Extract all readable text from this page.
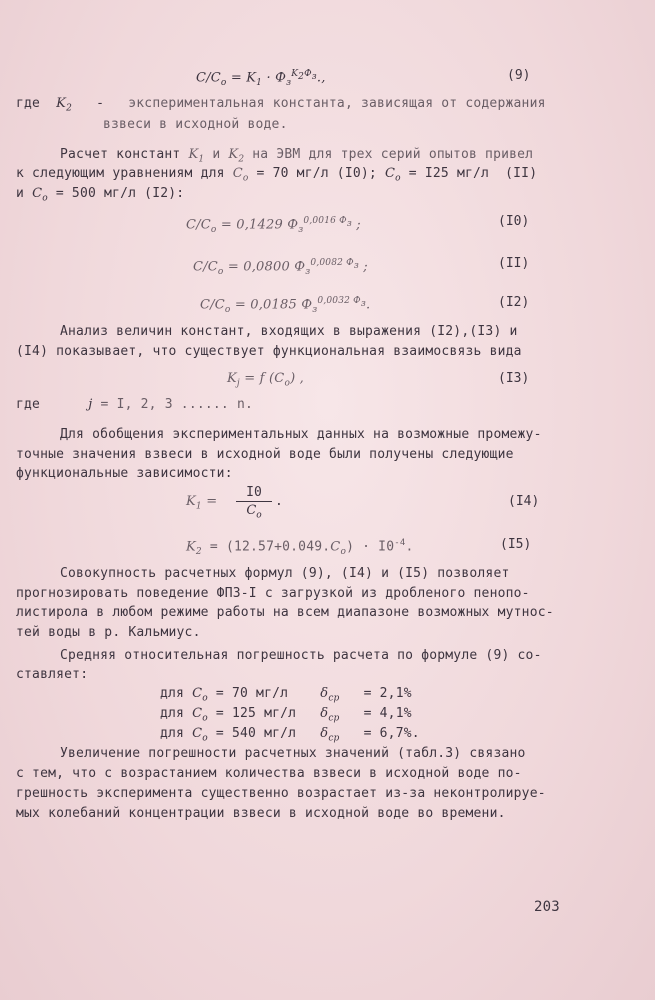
$C/C_o = K_1 \cdot Ф_з^{K_2Ф_з}$.,	(9)
где $K_2$ - экспериментальная константа, зависящая от содержания
взвеси в исходной воде.
Расчет констант $K_1$ и $K_2$ на ЭВМ для трех серий опытов привел
к следующим уравнениям для $C_o = 70$ мг/л (I0); $C_o = I25$ мг/л  (II)
и $C_o = 500$ мг/л (I2):
$C/C_o = 0,1429$ $Ф_з^{0,0016 Ф_з}$ ;	(I0)
$C/C_o = 0,0800$ $Ф_з^{0,0082 Ф_з}$ ;	(II)
$C/C_o = 0,0185$ $Ф_з^{0,0032 Ф_з}$.	(I2)
Анализ величин констант, входящих в выражения (I2),(I3) и
(I4) показывает, что существует функциональная взаимосвязь вида
$K_j = f$ $(C_o)$ ,	(I3)
где	j = I, 2, 3 ...... n.
Для обобщения экспериментальных данных на возможные промежу-
точные значения взвеси в исходной воде были получены следующие
функциональные зависимости:
$K_1$ =
I0
$C_o$
.	(I4)
$K_2 = (12.57+0.049.C_o) \cdot I0^{-4}$.	(I5)
Совокупность расчетных формул (9), (I4) и (I5) позволяет
прогнозировать поведение ФПЗ-I с загрузкой из дробленого пенопо-
листирола в любом режиме работы на всем диапазоне возможных мутнос-
тей воды в р. Кальмиус.
Средняя относительная погрешность расчета по формуле (9) со-
ставляет:
для $C_o = 70$ мг/л    $\delta_{ср} = 2,1\%$
для $C_o = 125$ мг/л $\delta_{ср} = 4,1\%$
для $C_o = 540$ мг/л $\delta_{ср} = 6,7\%$.
Увеличение погрешности расчетных значений (табл.3) связано
с тем, что с возрастанием количества взвеси в исходной воде по-
грешность эксперимента существенно возрастает из-за неконтролируе-
мых колебаний концентрации взвеси в исходной воде во времени.
203
